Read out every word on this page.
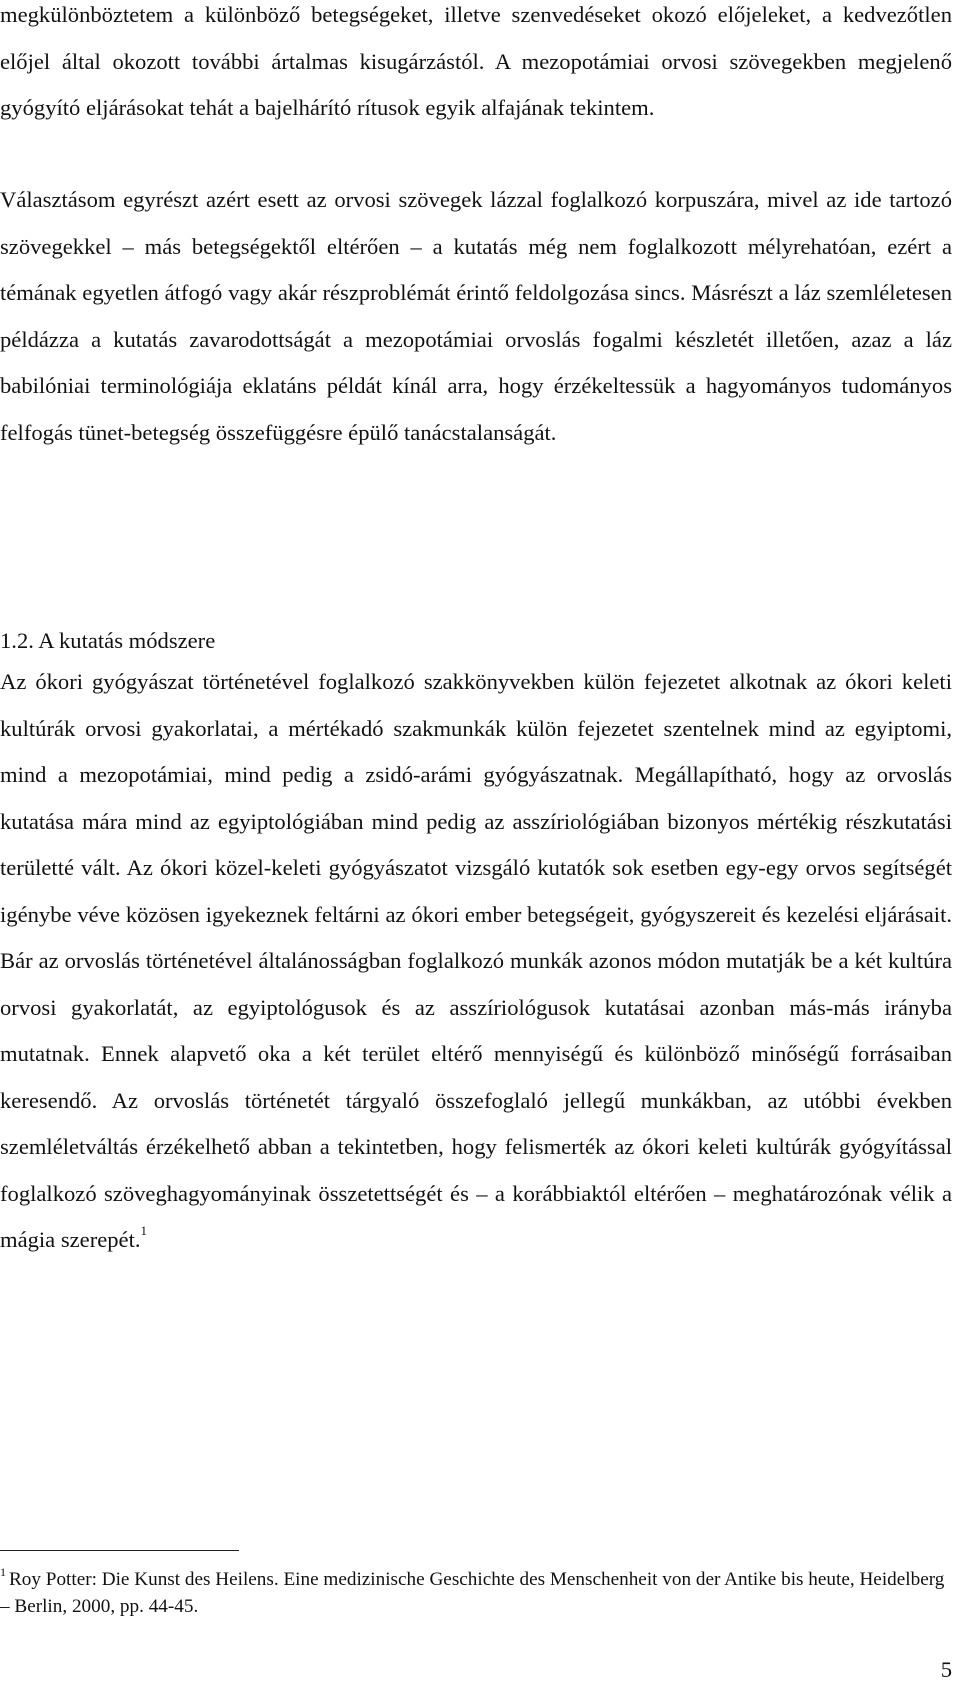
megkülönböztetem a különböző betegségeket, illetve szenvedéseket okozó előjeleket, a kedvezőtlen előjel által okozott további ártalmas kisugárzástól. A mezopotámiai orvosi szövegekben megjelenő gyógyító eljárásokat tehát a bajelhárító rítusok egyik alfajának tekintem.

Választásom egyrészt azért esett az orvosi szövegek lázzal foglalkozó korpuszára, mivel az ide tartozó szövegekkel – más betegségektől eltérően – a kutatás még nem foglalkozott mélyrehatóan, ezért a témának egyetlen átfogó vagy akár részproblémát érintő feldolgozása sincs. Másrészt a láz szemléletesen példázza a kutatás zavarodottságát a mezopotámiai orvoslás fogalmi készletét illetően, azaz a láz babilóniai terminológiája eklatáns példát kínál arra, hogy érzékeltessük a hagyományos tudományos felfogás tünet-betegség összefüggésre épülő tanácstalanságát.

1.2. A kutatás módszere

Az ókori gyógyászat történetével foglalkozó szakkönyvekben külön fejezetet alkotnak az ókori keleti kultúrák orvosi gyakorlatai, a mértékadó szakmunkák külön fejezetet szentelnek mind az egyiptomi, mind a mezopotámiai, mind pedig a zsidó-arámi gyógyászatnak. Megállapítható, hogy az orvoslás kutatása mára mind az egyiptológiában mind pedig az asszíriológiában bizonyos mértékig részkutatási területté vált. Az ókori közel-keleti gyógyászatot vizsgáló kutatók sok esetben egy-egy orvos segítségét igénybe véve közösen igyekeznek feltárni az ókori ember betegségeit, gyógyszereit és kezelési eljárásait. Bár az orvoslás történetével általánosságban foglalkozó munkák azonos módon mutatják be a két kultúra orvosi gyakorlatát, az egyiptológusok és az asszíriológusok kutatásai azonban más-más irányba mutatnak. Ennek alapvető oka a két terület eltérő mennyiségű és különböző minőségű forrásaiban keresendő. Az orvoslás történetét tárgyaló összefoglaló jellegű munkákban, az utóbbi években szemléletváltás érzékelhető abban a tekintetben, hogy felismerték az ókori keleti kultúrák gyógyítással foglalkozó szöveghagyományinak összetettségét és – a korábbiaktól eltérően – meghatározónak vélik a mágia szerepét.$^1$

$^1$ Roy Potter: Die Kunst des Heilens. Eine medizinische Geschichte des Menschenheit von der Antike bis heute, Heidelberg – Berlin, 2000, pp. 44-45.

5
